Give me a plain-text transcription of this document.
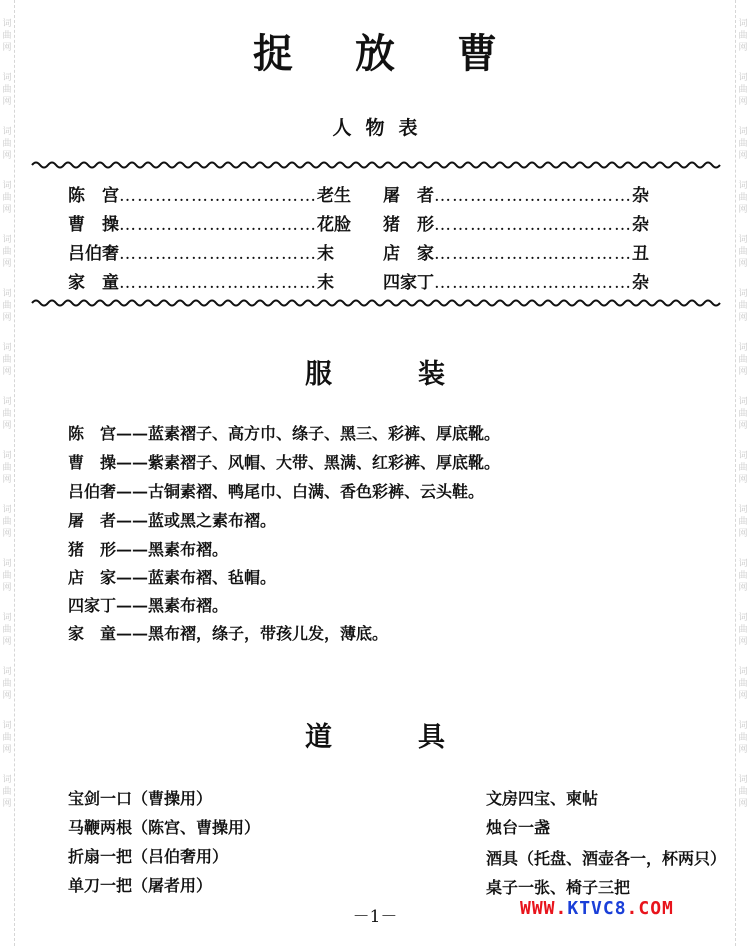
词
曲
网
词
曲
网
词
曲
网
词
曲
网
词
曲
网
词
曲
网
词
曲
网
词
曲
网
词
曲
网
词
曲
网
词
曲
网
词
曲
网
词
曲
网
词
曲
网
词
曲
网
词
曲
网
词
曲
网
词
曲
网
词
曲
网
词
曲
网
词
曲
网
词
曲
网
词
曲
网
词
曲
网
词
曲
网
词
曲
网
词
曲
网
词
曲
网
词
曲
网
词
曲
网
捉放曹
人物表
陈　宫 …………………………… 老生
曹　操 …………………………… 花脸
吕伯奢 …………………………… 末
家　童 …………………………… 末
屠　者 …………………………… 杂
猪　形 …………………………… 杂
店　家 …………………………… 丑
四家丁 …………………………… 杂
服装
陈　宫——蓝素褶子、高方巾、绦子、黑三、彩裤、厚底靴。
曹　操——紫素褶子、风帽、大带、黑满、红彩裤、厚底靴。
吕伯奢——古铜素褶、鸭尾巾、白满、香色彩裤、云头鞋。
屠　者——蓝或黑之素布褶。
猪　形——黑素布褶。
店　家——蓝素布褶、毡帽。
四家丁——黑素布褶。
家　童——黑布褶，绦子，带孩儿发，薄底。
道具
宝剑一口（曹操用）
马鞭两根（陈宫、曹操用）
折扇一把（吕伯奢用）
单刀一把（屠者用）
文房四宝、柬帖
烛台一盏
酒具（托盘、酒壶各一，杯两只）桌子一张、椅子三把
－1－	WWW.KTVC8.COM
